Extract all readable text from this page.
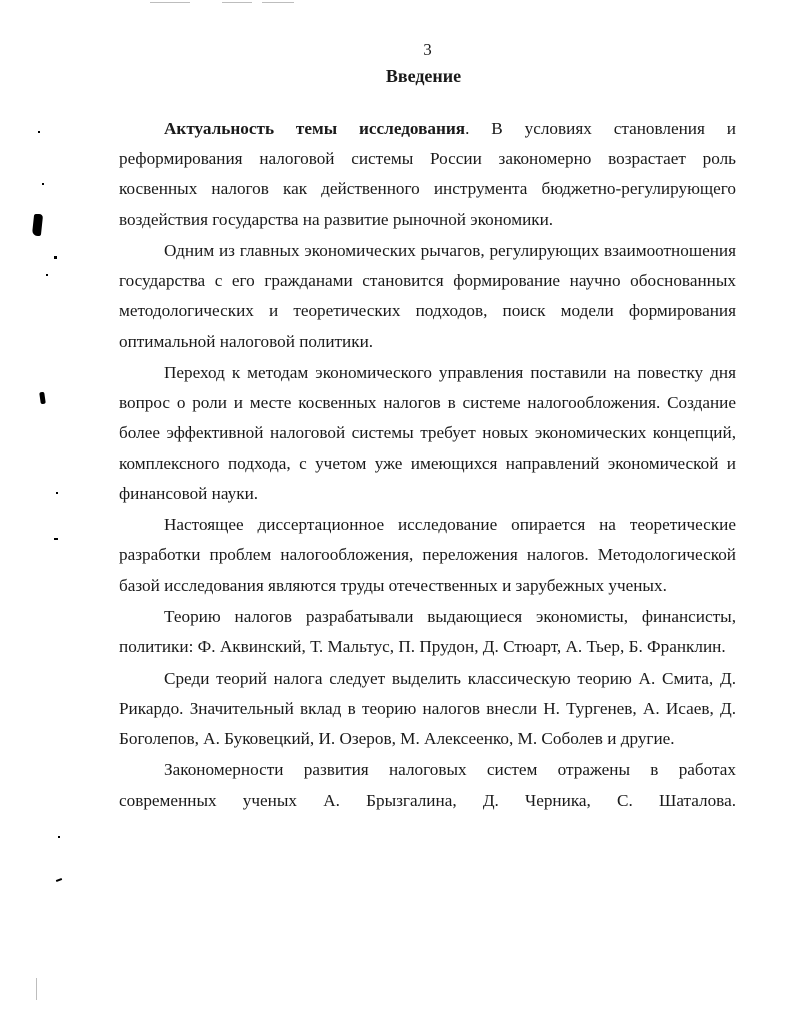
3
Введение

Актуальность темы исследования. В условиях становления и реформирования налоговой системы России закономерно возрастает роль косвенных налогов как действенного инструмента бюджетно-регулирующего воздействия государства на развитие рыночной экономики.

Одним из главных экономических рычагов, регулирующих взаимоотношения государства с его гражданами становится формирование научно обоснованных методологических и теоретических подходов, поиск модели формирования оптимальной налоговой политики.

Переход к методам экономического управления поставили на повестку дня вопрос о роли и месте косвенных налогов в системе налогообложения. Создание более эффективной налоговой системы требует новых экономических концепций, комплексного подхода, с учетом уже имеющихся направлений экономической и финансовой науки.

Настоящее диссертационное исследование опирается на теоретические разработки проблем налогообложения, переложения налогов. Методологической базой исследования являются труды отечественных и зарубежных ученых.

Теорию налогов разрабатывали выдающиеся экономисты, финансисты, политики: Ф. Аквинский, Т. Мальтус, П. Прудон, Д. Стюарт, А. Тьер, Б. Франклин.

Среди теорий налога следует выделить классическую теорию А. Смита, Д. Рикардо. Значительный вклад в теорию налогов внесли Н. Тургенев, А. Исаев, Д. Боголепов, А. Буковецкий, И. Озеров, М. Алексеенко, М. Соболев и другие.

Закономерности развития налоговых систем отражены в работах современных ученых А. Брызгалина, Д. Черника, С. Шаталова.
